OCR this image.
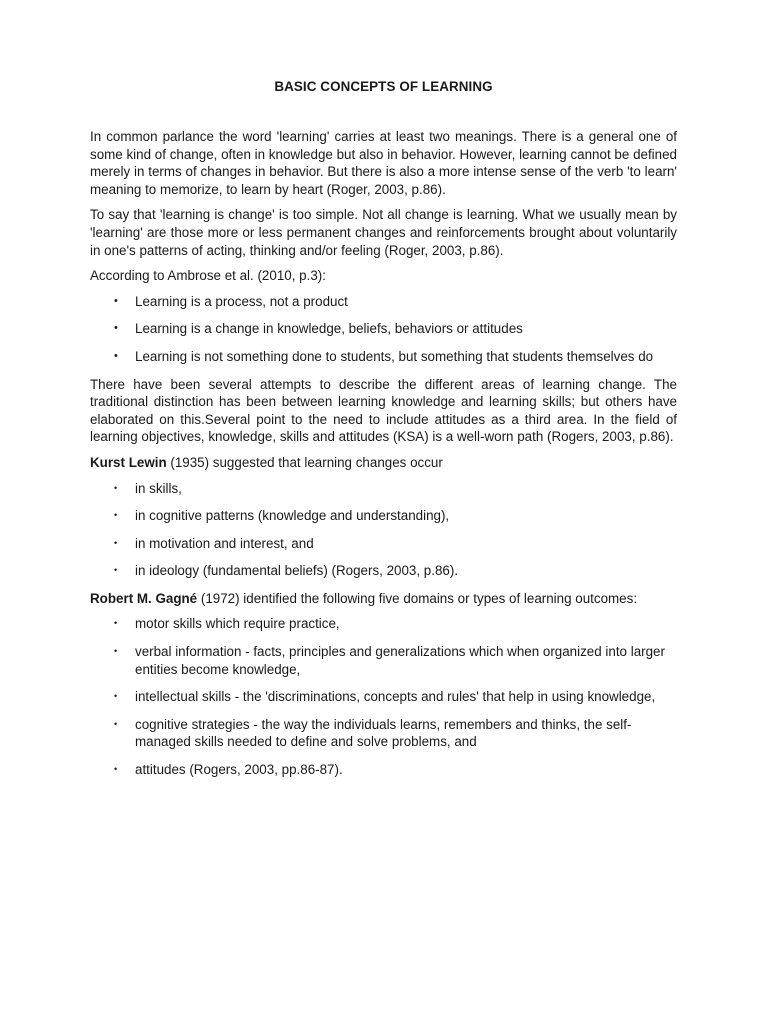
BASIC CONCEPTS OF LEARNING

In common parlance the word 'learning' carries at least two meanings. There is a general one of some kind of change, often in knowledge but also in behavior. However, learning cannot be defined merely in terms of changes in behavior. But there is also a more intense sense of the verb 'to learn' meaning to memorize, to learn by heart (Roger, 2003, p.86).

To say that 'learning is change' is too simple. Not all change is learning. What we usually mean by 'learning' are those more or less permanent changes and reinforcements brought about voluntarily in one's patterns of acting, thinking and/or feeling (Roger, 2003, p.86).

According to Ambrose et al. (2010, p.3):

• Learning is a process, not a product
• Learning is a change in knowledge, beliefs, behaviors or attitudes
• Learning is not something done to students, but something that students themselves do

There have been several attempts to describe the different areas of learning change. The traditional distinction has been between learning knowledge and learning skills; but others have elaborated on this.Several point to the need to include attitudes as a third area. In the field of learning objectives, knowledge, skills and attitudes (KSA) is a well-worn path (Rogers, 2003, p.86).

Kurst Lewin (1935) suggested that learning changes occur

• in skills,
• in cognitive patterns (knowledge and understanding),
• in motivation and interest, and
• in ideology (fundamental beliefs) (Rogers, 2003, p.86).

Robert M. Gagné (1972) identified the following five domains or types of learning outcomes:

• motor skills which require practice,
• verbal information - facts, principles and generalizations which when organized into larger entities become knowledge,
• intellectual skills - the 'discriminations, concepts and rules' that help in using knowledge,
• cognitive strategies - the way the individuals learns, remembers and thinks, the self-managed skills needed to define and solve problems, and
• attitudes (Rogers, 2003, pp.86-87).
